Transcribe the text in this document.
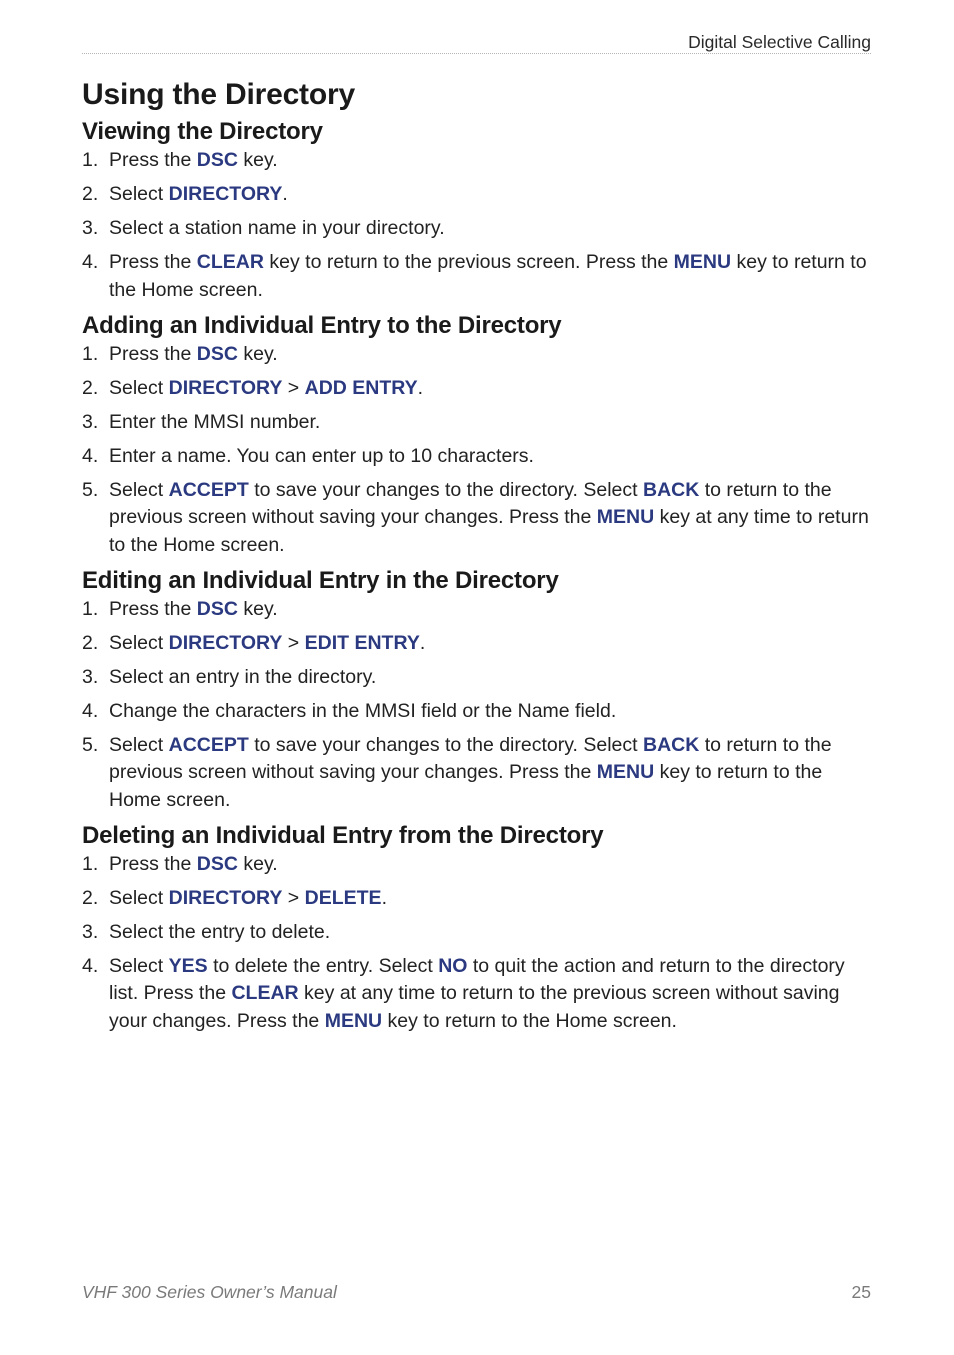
Digital Selective Calling
Using the Directory
Viewing the Directory
1. Press the DSC key.
2. Select DIRECTORY.
3. Select a station name in your directory.
4. Press the CLEAR key to return to the previous screen. Press the MENU key to return to the Home screen.
Adding an Individual Entry to the Directory
1. Press the DSC key.
2. Select DIRECTORY > ADD ENTRY.
3. Enter the MMSI number.
4. Enter a name. You can enter up to 10 characters.
5. Select ACCEPT to save your changes to the directory. Select BACK to return to the previous screen without saving your changes. Press the MENU key at any time to return to the Home screen.
Editing an Individual Entry in the Directory
1. Press the DSC key.
2. Select DIRECTORY > EDIT ENTRY.
3. Select an entry in the directory.
4. Change the characters in the MMSI field or the Name field.
5. Select ACCEPT to save your changes to the directory. Select BACK to return to the previous screen without saving your changes. Press the MENU key to return to the Home screen.
Deleting an Individual Entry from the Directory
1. Press the DSC key.
2. Select DIRECTORY > DELETE.
3. Select the entry to delete.
4. Select YES to delete the entry. Select NO to quit the action and return to the directory list. Press the CLEAR key at any time to return to the previous screen without saving your changes. Press the MENU key to return to the Home screen.
VHF 300 Series Owner’s Manual	25
